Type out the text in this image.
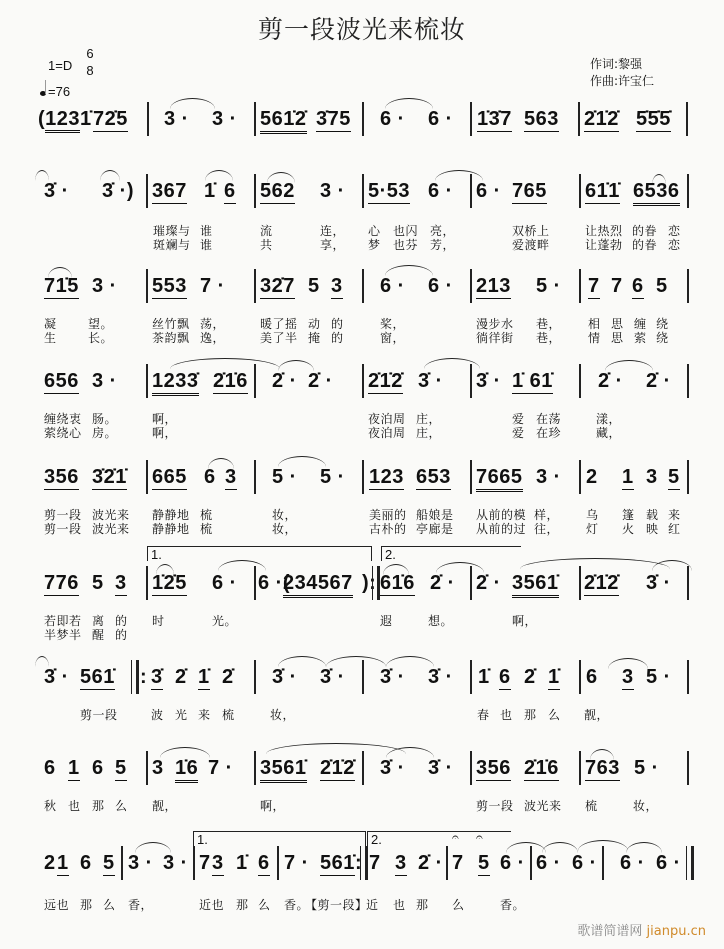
剪一段波光来梳妆
1=D
6
8
=76
作词:黎强
作曲:许宝仁
(1231̇ 72̇5 3 · 3 · 561̇2̇ 3̇75 6 · 6 · 1̇3̇7 563 2̇1̇2̇ 5̇5̇5̇
3̇ · 3̇ ·) 367 1̇ 6 562 3 · 5·53 6 · 6 · 765 61̇1̇ 6536
璀璨与 谁	流	连， 心 也闪 亮，	双桥上	让热烈 的眷 恋
斑斓与 谁	共	享， 梦 也芬 芳，	爱渡畔	让蓬勃 的眷 恋
71̇5 3 · 553 7 · 32̇7 5 3 6 · 6 · 213 5 · 7 7 6 5
凝	望。	丝竹飘 荡，	暖了摇 动 的	桨，	漫步水 巷， 相 思 缠 绕
生	长。	茶韵飘 逸，	美了半 掩 的	窗，	徜徉街 巷， 情 思 萦 绕
656 3 · 1233̇ 2̇1̇6 2̇ · 2̇ · 2̇1̇2̇ 3̇ · 3̇ · 1̇ 61̇ 2̇ · 2̇ ·
缠绕衷 肠。	啊，	夜泊周 庄，	爱 在荡	漾，
萦绕心 房。	啊，	夜泊周 庄，	爱 在珍	藏，
356 3̇2̇1̇ 665 6 3 5 · 5 · 123 653 7665 3 · 2 1 3 5
剪一段 波光来 静静地 梳	妆，	美丽的 船娘是 从前的模 样， 乌 篷 载 来
剪一段 波光来 静静地 梳	妆，	古朴的 亭廊是 从前的过 往， 灯 火 映 红
1.	2.
776 5 3 1̇2̇5 6 · 6 ·(
234567 ): 61̇6 2̇ · 2̇ · 3561̇ 2̇1̇2̇ 3̇ ·
若即若 离 的 时	光。	遐	想。	啊，
半梦半 醒 的
3̇ · 561̇ : 3̇ 2̇ 1̇ 2̇ 3̇ · 3̇ · 3̇ · 3̇ · 1̇ 6 2̇ 1̇ 6 3 5 ·
剪一段	波 光 来 梳	妆，	春 也 那 么 靓，
6 1 6 5 3 1̇6 7 · 3561̇ 2̇1̇2̇ 3̇ · 3̇ · 356 2̇1̇6 763 5 ·
秋 也 那 么 靓，	啊，	剪一段 波光来 梳	妆，
1.	2.
2 1 6 5 3 · 3 · 7 3 1̇ 6 7 · 561̇ : 7 3 2̇ ·
𝄐 𝄐
7 5 6 · 6 · 6 · 6 · 6 ·
远也 那 么 香，	近也 那 么 香。
【剪一段】
近 也 那 么	香。
歌谱简谱网 jianpu.cn
